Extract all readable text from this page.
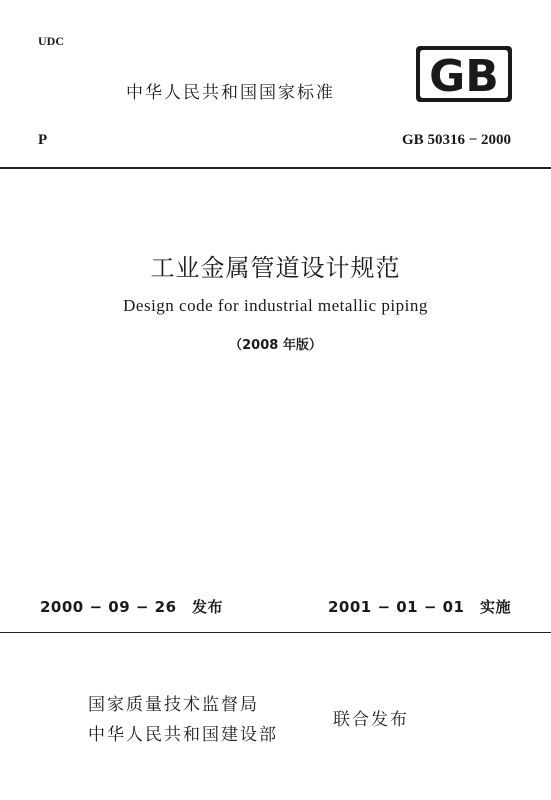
UDC
中华人民共和国国家标准 GB
P	GB 50316 − 2000
工业金属管道设计规范
Design code for industrial metallic piping
（2008 年版）
2000 − 09 − 26　发布	2001 − 01 − 01　实施
国家质量技术监督局
中华人民共和国建设部
联合发布
